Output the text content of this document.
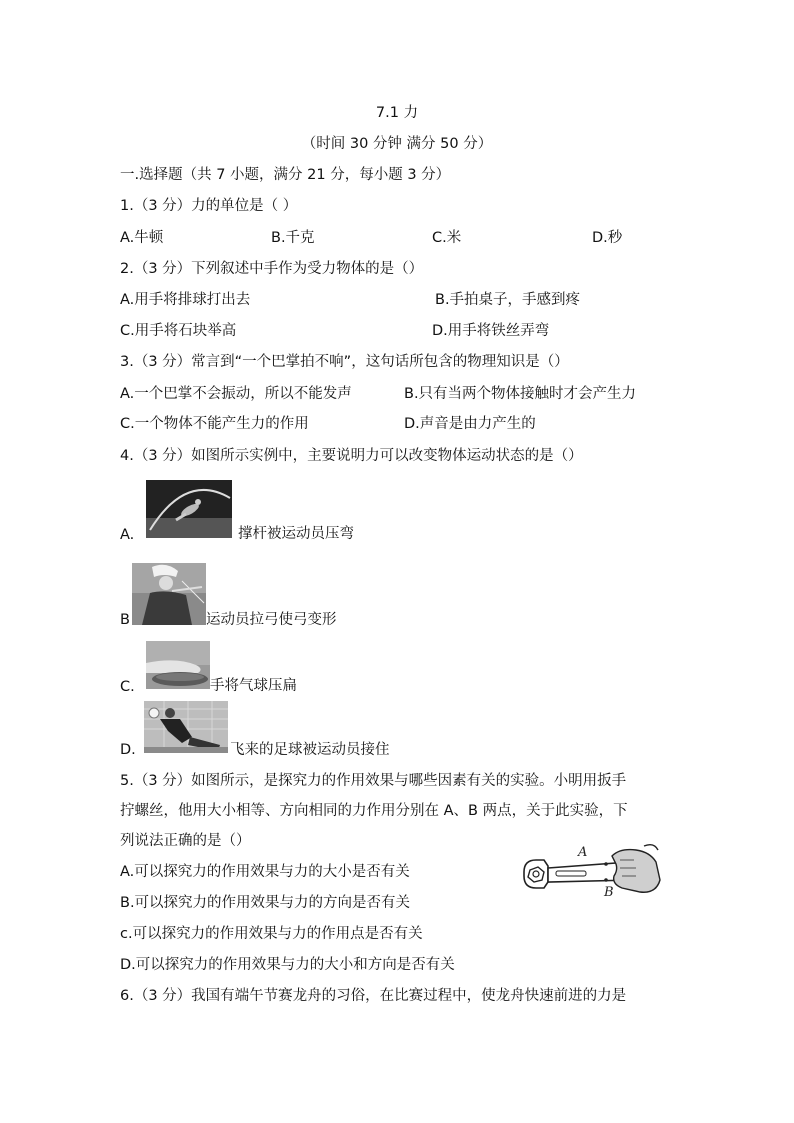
7.1 力
（时间 30 分钟 满分 50 分）
一.选择题（共 7 小题，满分 21 分，每小题 3 分）
1.（3 分）力的单位是（ ）
A.牛顿	B.千克	C.米	D.秒
2.（3 分）下列叙述中手作为受力物体的是（）
A.用手将排球打出去	B.手拍桌子，手感到疼
C.用手将石块举高	D.用手将铁丝弄弯
3.（3 分）常言到“一个巴掌拍不响”，这句话所包含的物理知识是（）
A.一个巴掌不会振动，所以不能发声	B.只有当两个物体接触时才会产生力
C.一个物体不能产生力的作用	D.声音是由力产生的
4.（3 分）如图所示实例中，主要说明力可以改变物体运动状态的是（）
A.	撑杆被运动员压弯
B	运动员拉弓使弓变形
C.	手将气球压扁
D.	飞来的足球被运动员接住
5.（3 分）如图所示，是探究力的作用效果与哪些因素有关的实验。小明用扳手
拧螺丝，他用大小相等、方向相同的力作用分别在 A、B 两点，关于此实验，下
列说法正确的是（）
A.可以探究力的作用效果与力的大小是否有关
B.可以探究力的作用效果与力的方向是否有关
c.可以探究力的作用效果与力的作用点是否有关
D.可以探究力的作用效果与力的大小和方向是否有关
A
B
6.（3 分）我国有端午节赛龙舟的习俗，在比赛过程中，使龙舟快速前进的力是
